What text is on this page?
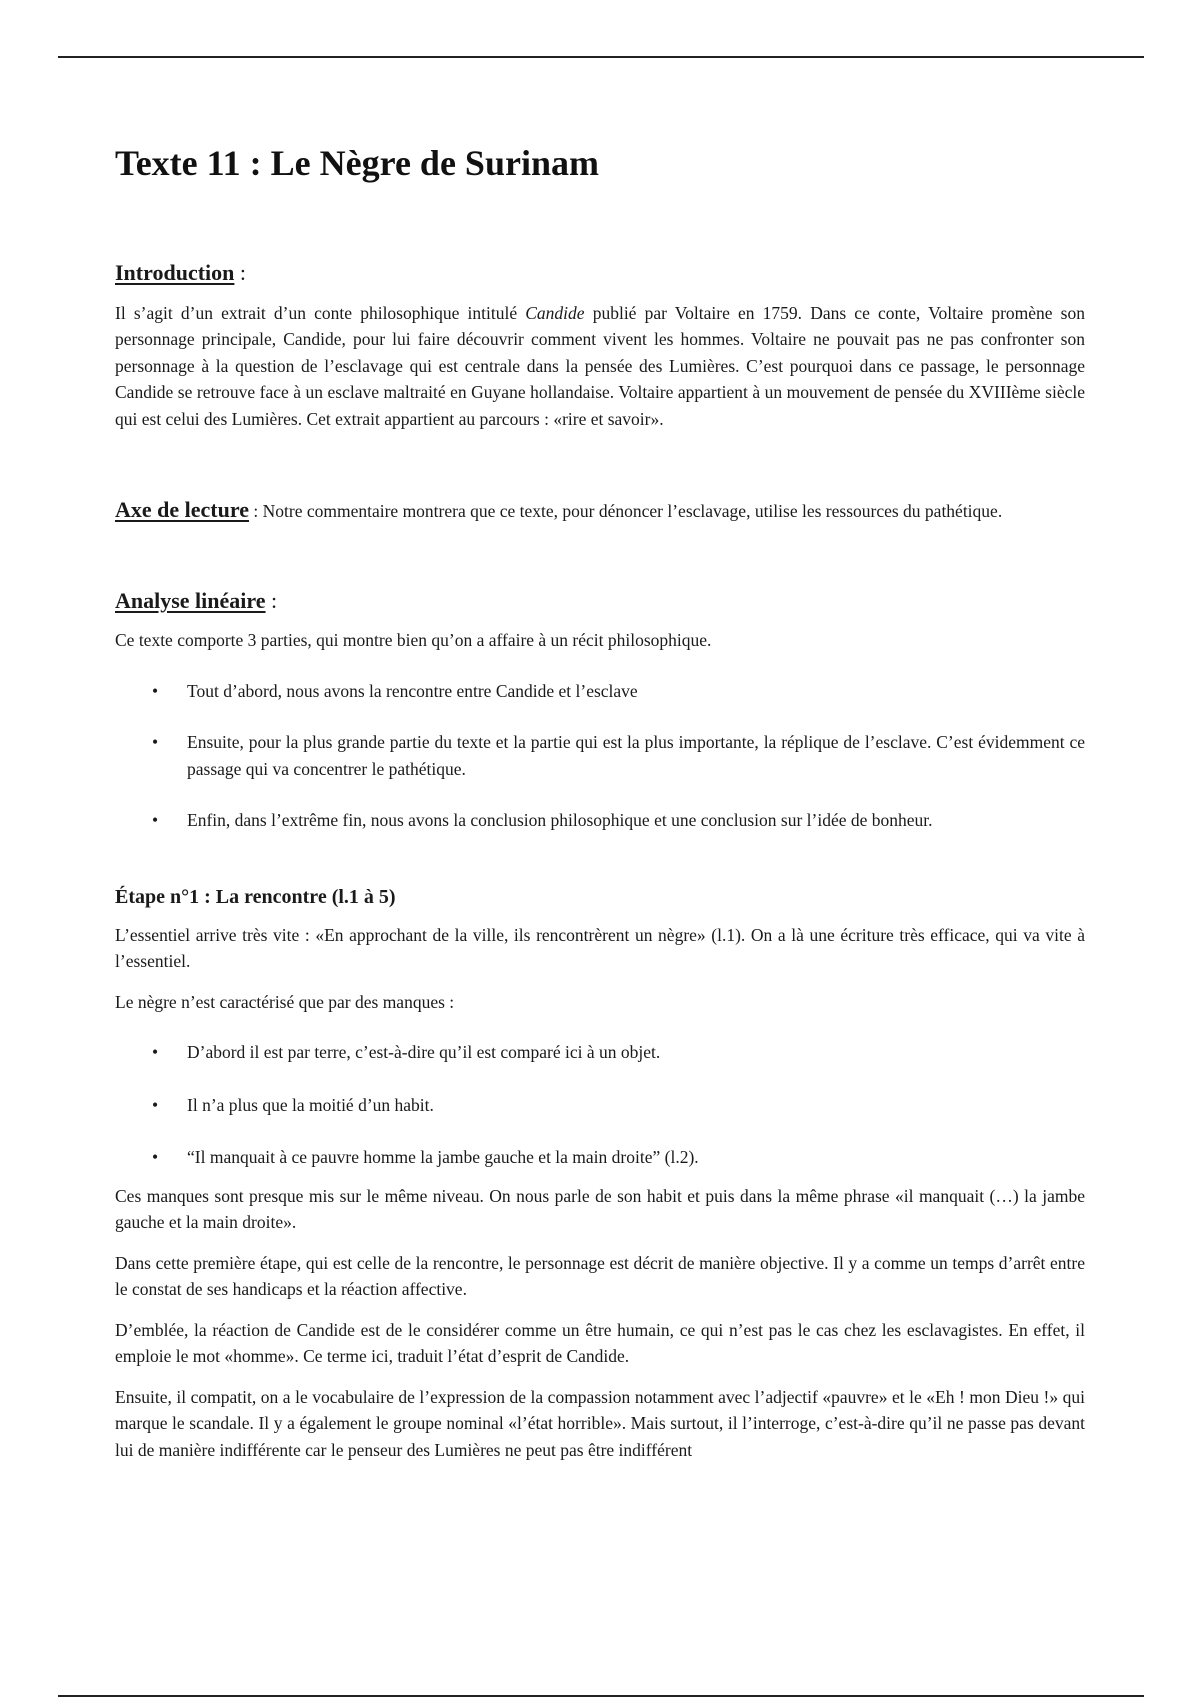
Texte 11 : Le Nègre de Surinam
Introduction :

Il s’agit d’un extrait d’un conte philosophique intitulé Candide publié par Voltaire en 1759. Dans ce conte, Voltaire promène son personnage principale, Candide, pour lui faire découvrir comment vivent les hommes. Voltaire ne pouvait pas ne pas confronter son personnage à la question de l’esclavage qui est centrale dans la pensée des Lumières. C’est pourquoi dans ce passage, le personnage Candide se retrouve face à un esclave maltraité en Guyane hollandaise. Voltaire appartient à un mouvement de pensée du XVIIIème siècle qui est celui des Lumières. Cet extrait appartient au parcours : «rire et savoir».

Axe de lecture : Notre commentaire montrera que ce texte, pour dénoncer l’esclavage, utilise les ressources du pathétique.

Analyse linéaire :

Ce texte comporte 3 parties, qui montre bien qu’on a affaire à un récit philosophique.

• Tout d’abord, nous avons la rencontre entre Candide et l’esclave
• Ensuite, pour la plus grande partie du texte et la partie qui est la plus importante, la réplique de l’esclave. C’est évidemment ce passage qui va concentrer le pathétique.
• Enfin, dans l’extrême fin, nous avons la conclusion philosophique et une conclusion sur l’idée de bonheur.
Étape n°1 : La rencontre (l.1 à 5)

L’essentiel arrive très vite : «En approchant de la ville, ils rencontrèrent un nègre» (l.1). On a là une écriture très efficace, qui va vite à l’essentiel.

Le nègre n’est caractérisé que par des manques :

• D’abord il est par terre, c’est-à-dire qu’il est comparé ici à un objet.
• Il n’a plus que la moitié d’un habit.
• “Il manquait à ce pauvre homme la jambe gauche et la main droite” (l.2).

Ces manques sont presque mis sur le même niveau. On nous parle de son habit et puis dans la même phrase «il manquait (…) la jambe gauche et la main droite».

Dans cette première étape, qui est celle de la rencontre, le personnage est décrit de manière objective. Il y a comme un temps d’arrêt entre le constat de ses handicaps et la réaction affective.

D’emblée, la réaction de Candide est de le considérer comme un être humain, ce qui n’est pas le cas chez les esclavagistes. En effet, il emploie le mot «homme». Ce terme ici, traduit l’état d’esprit de Candide.

Ensuite, il compatit, on a le vocabulaire de l’expression de la compassion notamment avec l’adjectif «pauvre» et le «Eh ! mon Dieu !» qui marque le scandale. Il y a également le groupe nominal «l’état horrible». Mais surtout, il l’interroge, c’est-à-dire qu’il ne passe pas devant lui de manière indifférente car le penseur des Lumières ne peut pas être indifférent
